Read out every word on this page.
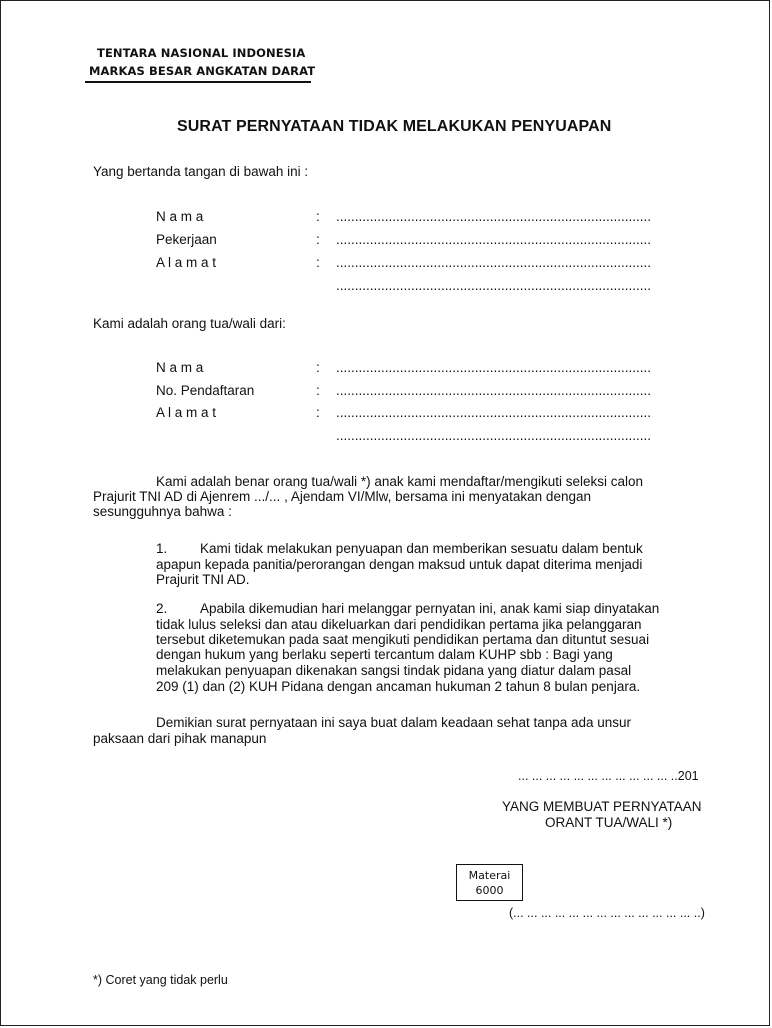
TENTARA NASIONAL INDONESIA
MARKAS BESAR ANGKATAN DARAT
SURAT PERNYATAAN TIDAK MELAKUKAN PENYUAPAN
Yang bertanda tangan di bawah ini :
N a m a	: ....................................................................................
Pekerjaan	: ....................................................................................
A l a m a t	: ....................................................................................
....................................................................................
Kami adalah orang tua/wali dari:
N a m a	: ....................................................................................
No. Pendaftaran	: ....................................................................................
A l a m a t	: ....................................................................................
....................................................................................
Kami adalah benar orang tua/wali *) anak kami mendaftar/mengikuti seleksi calon
Prajurit TNI AD di Ajenrem .../... , Ajendam VI/Mlw, bersama ini menyatakan dengan
sesungguhnya bahwa :
1. Kami tidak melakukan penyuapan dan memberikan sesuatu dalam bentuk
apapun kepada panitia/perorangan dengan maksud untuk dapat diterima menjadi
Prajurit TNI AD.
2. Apabila dikemudian hari melanggar pernyatan ini, anak kami siap dinyatakan
tidak lulus seleksi dan atau dikeluarkan dari pendidikan pertama jika pelanggaran
tersebut diketemukan pada saat mengikuti pendidikan pertama dan dituntut sesuai
dengan hukum yang berlaku seperti tercantum dalam KUHP sbb : Bagi yang
melakukan penyuapan dikenakan sangsi tindak pidana yang diatur dalam pasal
209 (1) dan (2) KUH Pidana dengan ancaman hukuman 2 tahun 8 bulan penjara.
Demikian surat pernyataan ini saya buat dalam keadaan sehat tanpa ada unsur
paksaan dari pihak manapun
... ... ... ... ... ... ... ... ... ... ... ..201
YANG MEMBUAT PERNYATAAN
ORANT TUA/WALI *)
Materai
6000
(... ... ... ... ... ... ... ... ... ... ... ... ... ..)
*) Coret yang tidak perlu
